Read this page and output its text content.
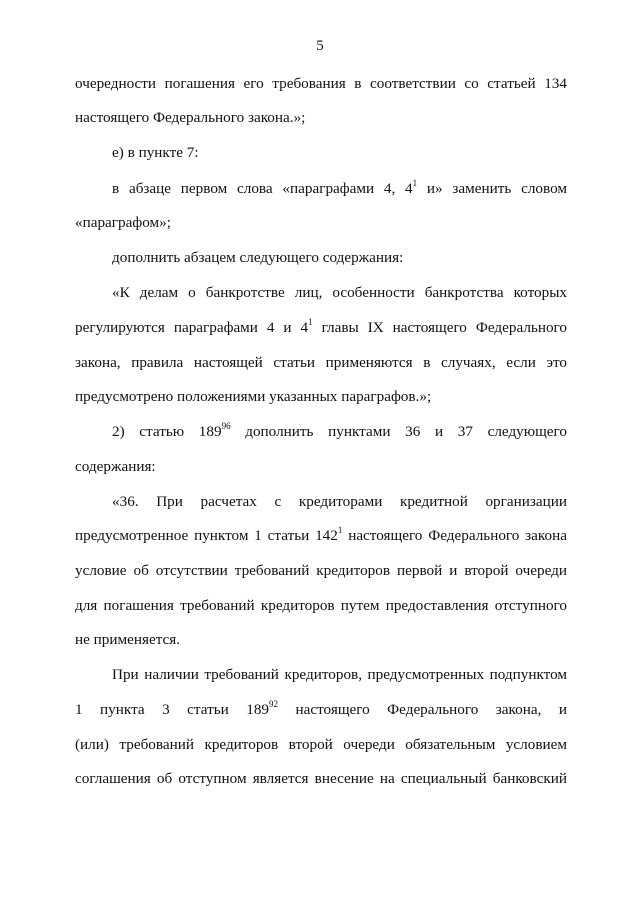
5
очередности погашения его требования в соответствии со статьей 134
настоящего Федерального закона.»;
е) в пункте 7:
в абзаце первом слова «параграфами 4, $4^1$ и» заменить словом
«параграфом»;
дополнить абзацем следующего содержания:
«К делам о банкротстве лиц, особенности банкротства которых
регулируются параграфами 4 и $4^1$ главы IX настоящего Федерального
закона, правила настоящей статьи применяются в случаях, если это
предусмотрено положениями указанных параграфов.»;
2) статью $189^{96}$ дополнить пунктами 36 и 37 следующего
содержания:
«36. При расчетах с кредиторами кредитной организации
предусмотренное пунктом 1 статьи $142^1$ настоящего Федерального закона
условие об отсутствии требований кредиторов первой и второй очереди
для погашения требований кредиторов путем предоставления отступного
не применяется.
При наличии требований кредиторов, предусмотренных подпунктом
1 пункта 3 статьи $189^{92}$ настоящего Федерального закона, и
(или) требований кредиторов второй очереди обязательным условием
соглашения об отступном является внесение на специальный банковский
